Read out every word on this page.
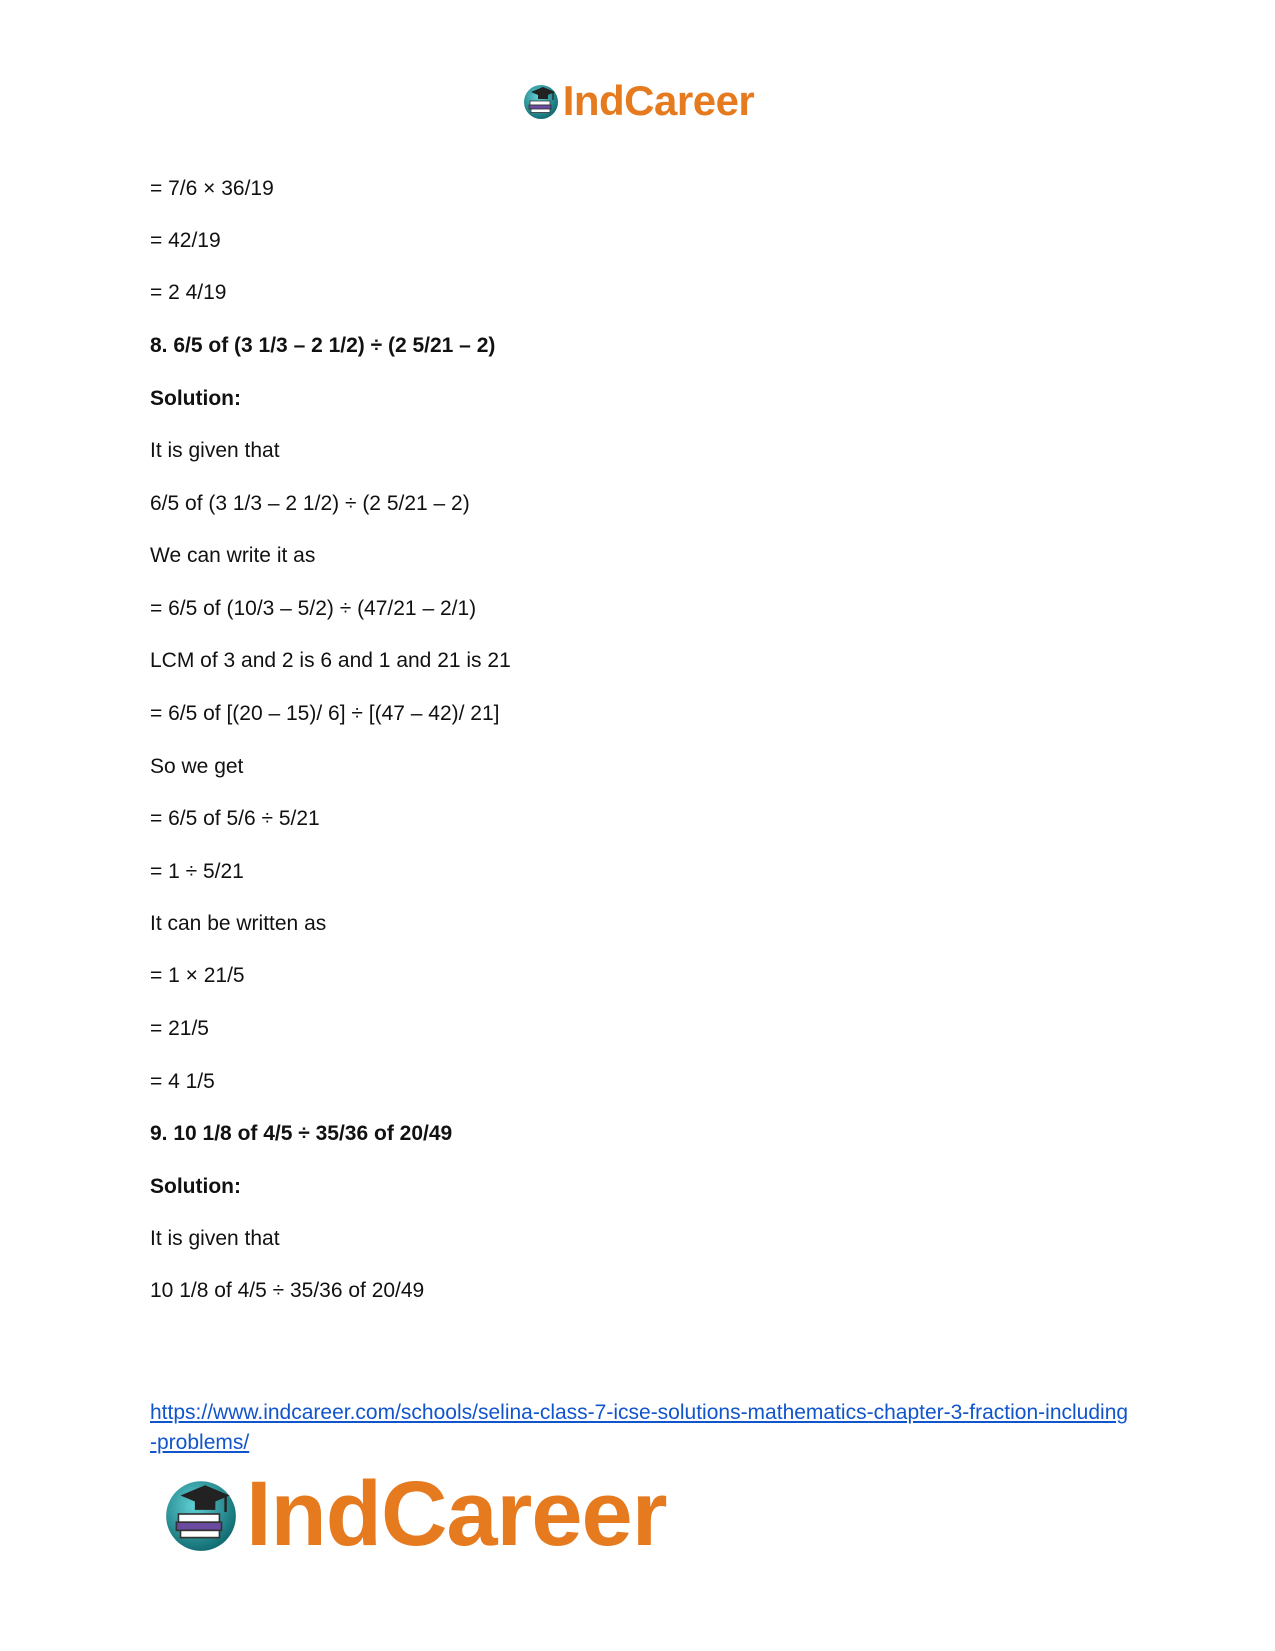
IndCareer

= 7/6 × 36/19

= 42/19

= 2 4/19

8. 6/5 of (3 1/3 – 2 1/2) ÷ (2 5/21 – 2)

Solution:

It is given that

6/5 of (3 1/3 – 2 1/2) ÷ (2 5/21 – 2)

We can write it as

= 6/5 of (10/3 – 5/2) ÷ (47/21 – 2/1)

LCM of 3 and 2 is 6 and 1 and 21 is 21

= 6/5 of [(20 – 15)/ 6] ÷ [(47 – 42)/ 21]

So we get

= 6/5 of 5/6 ÷ 5/21

= 1 ÷ 5/21

It can be written as

= 1 × 21/5

= 21/5

= 4 1/5

9. 10 1/8 of 4/5 ÷ 35/36 of 20/49

Solution:

It is given that

10 1/8 of 4/5 ÷ 35/36 of 20/49

https://www.indcareer.com/schools/selina-class-7-icse-solutions-mathematics-chapter-3-fraction-including-problems/
IndCareer
